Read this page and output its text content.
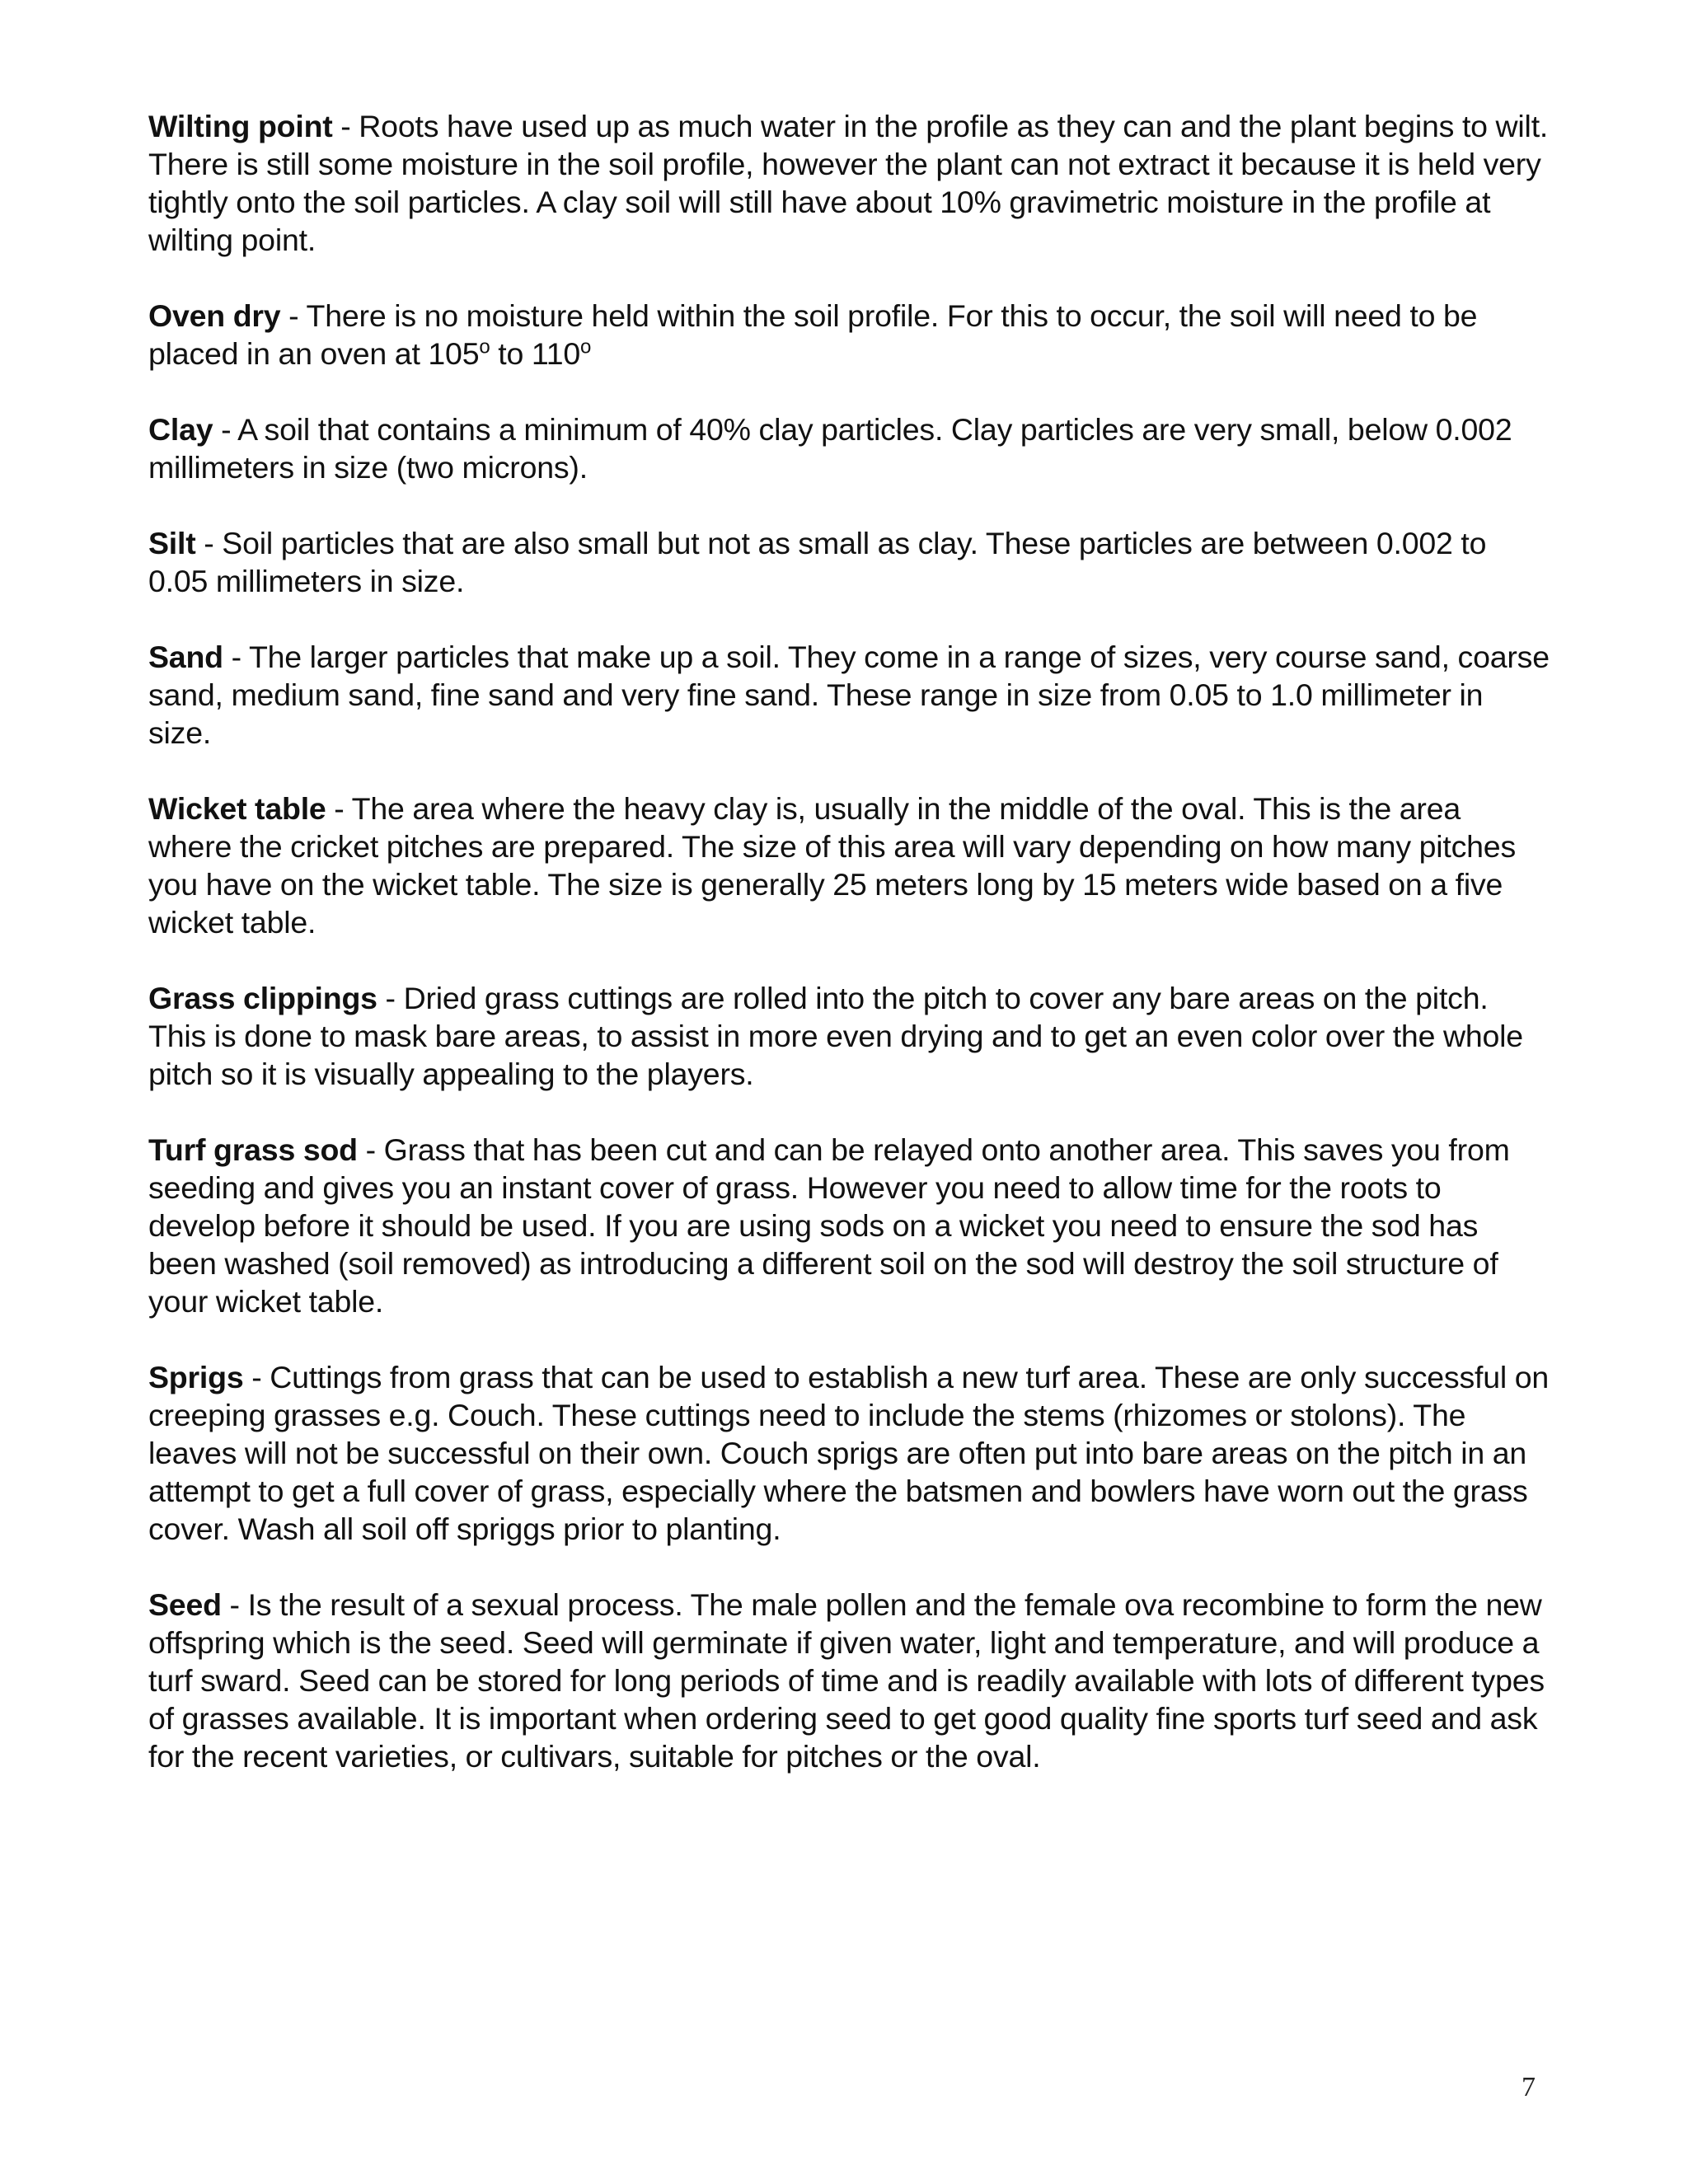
Wilting point - Roots have used up as much water in the profile as they can and the plant begins to wilt. There is still some moisture in the soil profile, however the plant can not extract it because it is held very tightly onto the soil particles. A clay soil will still have about 10% gravimetric moisture in the profile at wilting point.

Oven dry - There is no moisture held within the soil profile. For this to occur, the soil will need to be placed in an oven at 105$^o$ to 110$^o$

Clay - A soil that contains a minimum of 40% clay particles. Clay particles are very small, below 0.002 millimeters in size (two microns).

Silt - Soil particles that are also small but not as small as clay. These particles are between 0.002 to 0.05 millimeters in size.

Sand - The larger particles that make up a soil. They come in a range of sizes, very course sand, coarse sand, medium sand, fine sand and very fine sand. These range in size from 0.05 to 1.0 millimeter in size.

Wicket table - The area where the heavy clay is, usually in the middle of the oval. This is the area where the cricket pitches are prepared. The size of this area will vary depending on how many pitches you have on the wicket table. The size is generally 25 meters long by 15 meters wide based on a five wicket table.

Grass clippings - Dried grass cuttings are rolled into the pitch to cover any bare areas on the pitch. This is done to mask bare areas, to assist in more even drying and to get an even color over the whole pitch so it is visually appealing to the players.

Turf grass sod - Grass that has been cut and can be relayed onto another area. This saves you from seeding and gives you an instant cover of grass. However you need to allow time for the roots to develop before it should be used. If you are using sods on a wicket you need to ensure the sod has been washed (soil removed) as introducing a different soil on the sod will destroy the soil structure of your wicket table.

Sprigs - Cuttings from grass that can be used to establish a new turf area. These are only successful on creeping grasses e.g. Couch. These cuttings need to include the stems (rhizomes or stolons). The leaves will not be successful on their own. Couch sprigs are often put into bare areas on the pitch in an attempt to get a full cover of grass, especially where the batsmen and bowlers have worn out the grass cover. Wash all soil off spriggs prior to planting.

Seed - Is the result of a sexual process. The male pollen and the female ova recombine to form the new offspring which is the seed. Seed will germinate if given water, light and temperature, and will produce a turf sward. Seed can be stored for long periods of time and is readily available with lots of different types of grasses available. It is important when ordering seed to get good quality fine sports turf seed and ask for the recent varieties, or cultivars, suitable for pitches or the oval.

7
